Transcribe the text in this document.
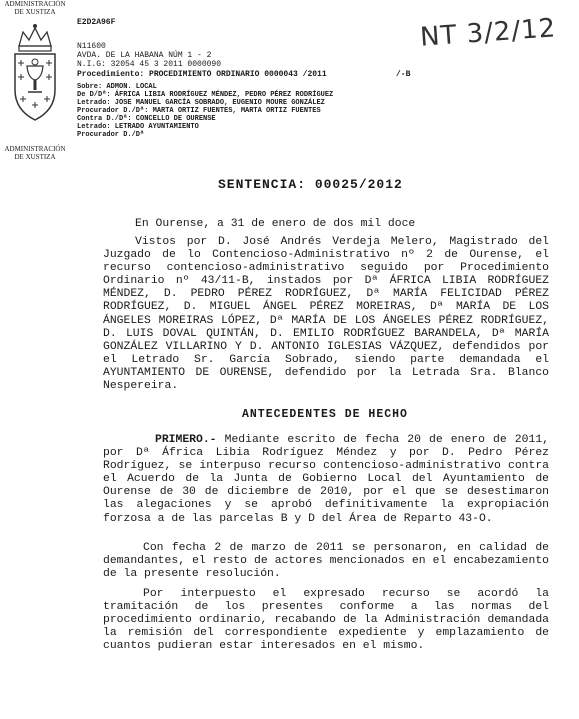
ADMINISTRACIÓN
DE XUSTIZA
ADMINISTRACIÓN
DE XUSTIZA
E2D2A96F	NT 3/2/12
N11600
AVDA. DE LA HABANA NÚM 1 - 2
N.I.G: 32054 45 3 2011 0000090
Procedimiento: PROCEDIMIENTO ORDINARIO 0000043 /2011	/-B
Sobre: ADMON. LOCAL
De D/Dª: ÁFRICA LIBIA RODRÍGUEZ MÉNDEZ, PEDRO PÉREZ RODRÍGUEZ
Letrado: JOSE MANUEL GARCÍA SOBRADO, EUGENIO MOURE GONZÁLEZ
Procurador D./Dª: MARTA ORTIZ FUENTES, MARTA ORTIZ FUENTES
Contra D./Dª: CONCELLO DE OURENSE
Letrado: LETRADO AYUNTAMIENTO
Procurador D./Dª
SENTENCIA: 00025/2012
En Ourense, a 31 de enero de dos mil doce

Vistos por D. José Andrés Verdeja Melero, Magistrado del Juzgado de lo Contencioso-Administrativo nº 2 de Ourense, el recurso contencioso-administrativo seguido por Procedimiento Ordinario nº 43/11-B, instados por Dª ÁFRICA LIBIA RODRÍGUEZ MÉNDEZ, D. PEDRO PÉREZ RODRÍGUEZ, Dª MARÍA FELICIDAD PÉREZ RODRÍGUEZ, D. MIGUEL ÁNGEL PÉREZ MOREIRAS, Dª MARÍA DE LOS ÁNGELES MOREIRAS LÓPEZ, Dª MARÍA DE LOS ÁNGELES PÉREZ RODRÍGUEZ, D. LUIS DOVAL QUINTÁN, D. EMILIO RODRÍGUEZ BARANDELA, Dª MARÍA GONZÁLEZ VILLARINO Y D. ANTONIO IGLESIAS VÁZQUEZ, defendidos por el Letrado Sr. García Sobrado, siendo parte demandada el AYUNTAMIENTO DE OURENSE, defendido por la Letrada Sra. Blanco Nespereira.

ANTECEDENTES DE HECHO

PRIMERO.- Mediante escrito de fecha 20 de enero de 2011, por Dª África Libia Rodríguez Méndez y por D. Pedro Pérez Rodríguez, se interpuso recurso contencioso-administrativo contra el Acuerdo de la Junta de Gobierno Local del Ayuntamiento de Ourense de 30 de diciembre de 2010, por el que se desestimaron las alegaciones y se aprobó definitivamente la expropiación forzosa a de las parcelas B y D del Área de Reparto 43-O.

Con fecha 2 de marzo de 2011 se personaron, en calidad de demandantes, el resto de actores mencionados en el encabezamiento de la presente resolución.

Por interpuesto el expresado recurso se acordó la tramitación de los presentes conforme a las normas del procedimiento ordinario, recabando de la Administración demandada la remisión del correspondiente expediente y emplazamiento de cuantos pudieran estar interesados en el mismo.
